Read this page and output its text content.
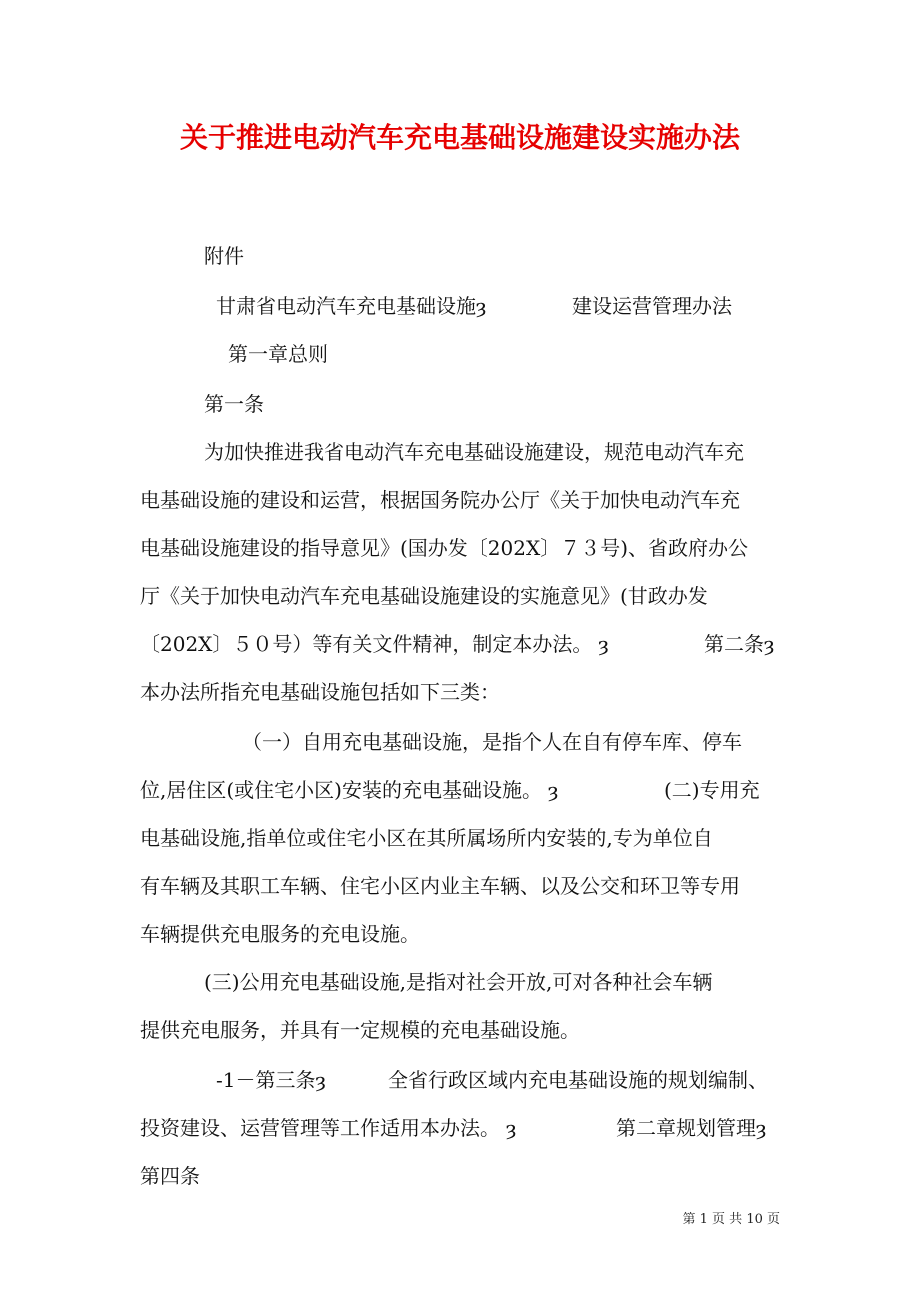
关于推进电动汽车充电基础设施建设实施办法
附件
甘肃省电动汽车充电基础设施ȝ	建设运营管理办法
第一章总则
第一条
为加快推进我省电动汽车充电基础设施建设，规范电动汽车充
电基础设施的建设和运营，根据国务院办公厅《关于加快电动汽车充
电基础设施建设的指导意见》(国办发〔202X〕７３号)、省政府办公
厅《关于加快电动汽车充电基础设施建设的实施意见》(甘政办发
〔202X〕５０号）等有关文件精神，制定本办法。 ȝ	第二条ȝ
本办法所指充电基础设施包括如下三类：
（一）自用充电基础设施，是指个人在自有停车库、停车
位,居住区(或住宅小区)安装的充电基础设施。 ȝ	(二)专用充
电基础设施,指单位或住宅小区在其所属场所内安装的,专为单位自
有车辆及其职工车辆、住宅小区内业主车辆、以及公交和环卫等专用
车辆提供充电服务的充电设施。
(三)公用充电基础设施,是指对社会开放,可对各种社会车辆
提供充电服务，并具有一定规模的充电基础设施。
-1－第三条ȝ	全省行政区域内充电基础设施的规划编制、
投资建设、运营管理等工作适用本办法。 ȝ	第二章规划管理ȝ
第四条
第 1 页 共 10 页
